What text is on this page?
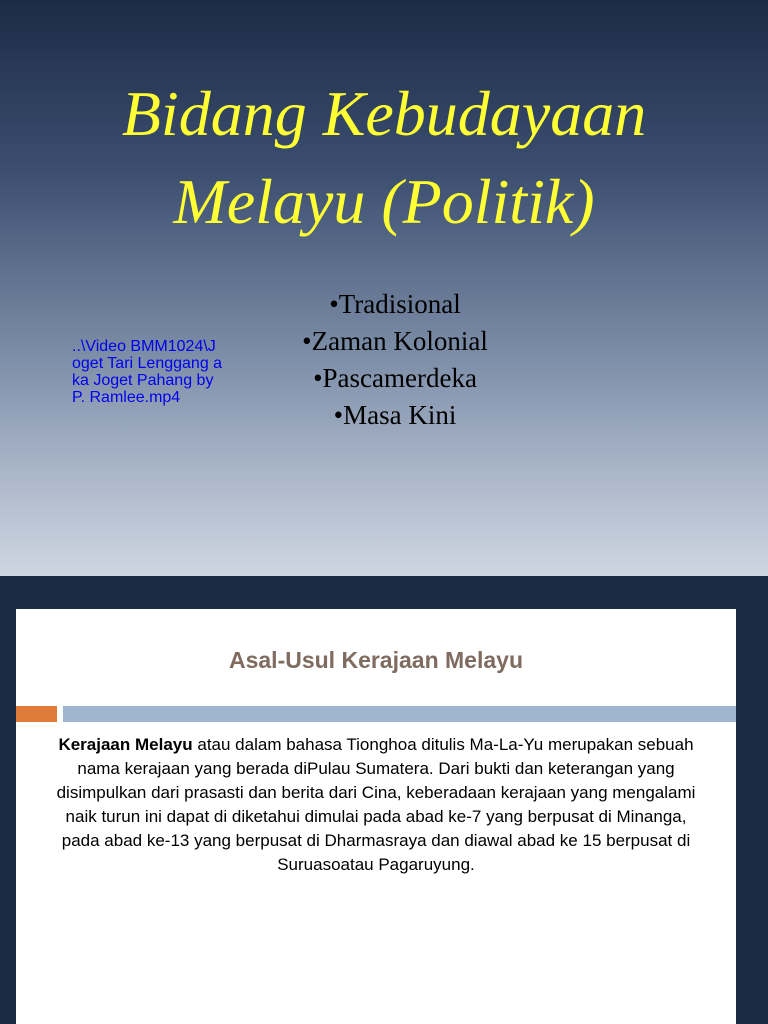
Bidang Kebudayaan
Melayu (Politik)
•Tradisional
•Zaman Kolonial
•Pascamerdeka
•Masa Kini
..\Video BMM1024\Joget Tari Lenggang aka Joget Pahang by P. Ramlee.mp4
Asal-Usul Kerajaan Melayu
Kerajaan Melayu atau dalam bahasa Tionghoa ditulis Ma-La-Yu merupakan sebuah nama kerajaan yang berada diPulau Sumatera. Dari bukti dan keterangan yang disimpulkan dari prasasti dan berita dari Cina, keberadaan kerajaan yang mengalami naik turun ini dapat di diketahui dimulai pada abad ke-7 yang berpusat di Minanga, pada abad ke-13 yang berpusat di Dharmasraya dan diawal abad ke 15 berpusat di Suruasoatau Pagaruyung.
